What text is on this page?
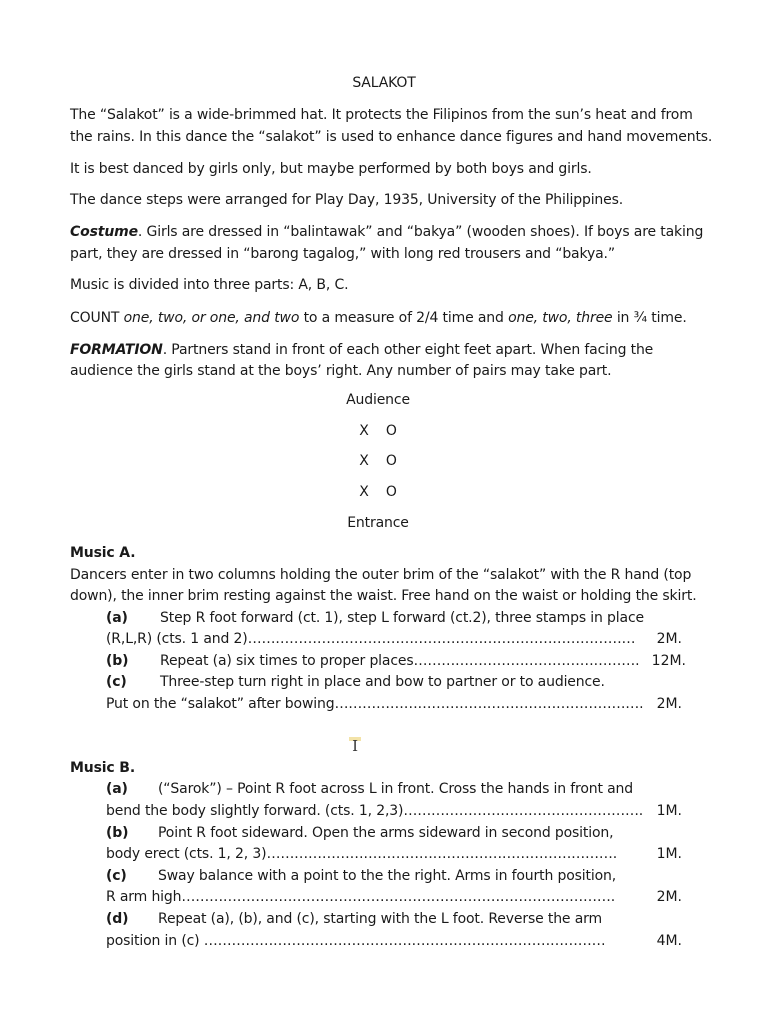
SALAKOT
The “Salakot” is a wide-brimmed hat. It protects the Filipinos from the sun’s heat and from
the rains. In this dance the “salakot” is used to enhance dance figures and hand movements.
It is best danced by girls only, but maybe performed by both boys and girls.
The dance steps were arranged for Play Day, 1935, University of the Philippines.
Costume. Girls are dressed in “balintawak” and “bakya” (wooden shoes). If boys are taking
part, they are dressed in “barong tagalog,” with long red trousers and “bakya.”
Music is divided into three parts: A, B, C.
COUNT one, two, or one, and two to a measure of 2/4 time and one, two, three in ¾ time.
FORMATION. Partners stand in front of each other eight feet apart. When facing the
audience the girls stand at the boys’ right. Any number of pairs may take part.
Audience
X    O
X    O
X    O
Entrance
Music A.
Dancers enter in two columns holding the outer brim of the “salakot” with the R hand (top
down), the inner brim resting against the waist. Free hand on the waist or holding the skirt.
(a) Step R foot forward (ct. 1), step L forward (ct.2), three stamps in place
(R,L,R) (cts. 1 and 2)………………………………………………………………………… 2M.
(b) Repeat (a) six times to proper places…………………………………………. 12M.
(c) Three-step turn right in place and bow to partner or to audience.
Put on the “salakot” after bowing…………………………………………………………. 2M.
I
Music B.
(a) (“Sarok”) – Point R foot across L in front. Cross the hands in front and
bend the body slightly forward. (cts. 1, 2,3)……………………………………………. 1M.
(b) Point R foot sideward. Open the arms sideward in second position,
body erect (cts. 1, 2, 3)………………………………………………………………….	1M.
(c) Sway balance with a point to the the right. Arms in fourth position,
R arm high………………………………………………………………………………….	2M.
(d) Repeat (a), (b), and (c), starting with the L foot. Reverse the arm
position in (c) ……………………………………………………………………………	4M.
